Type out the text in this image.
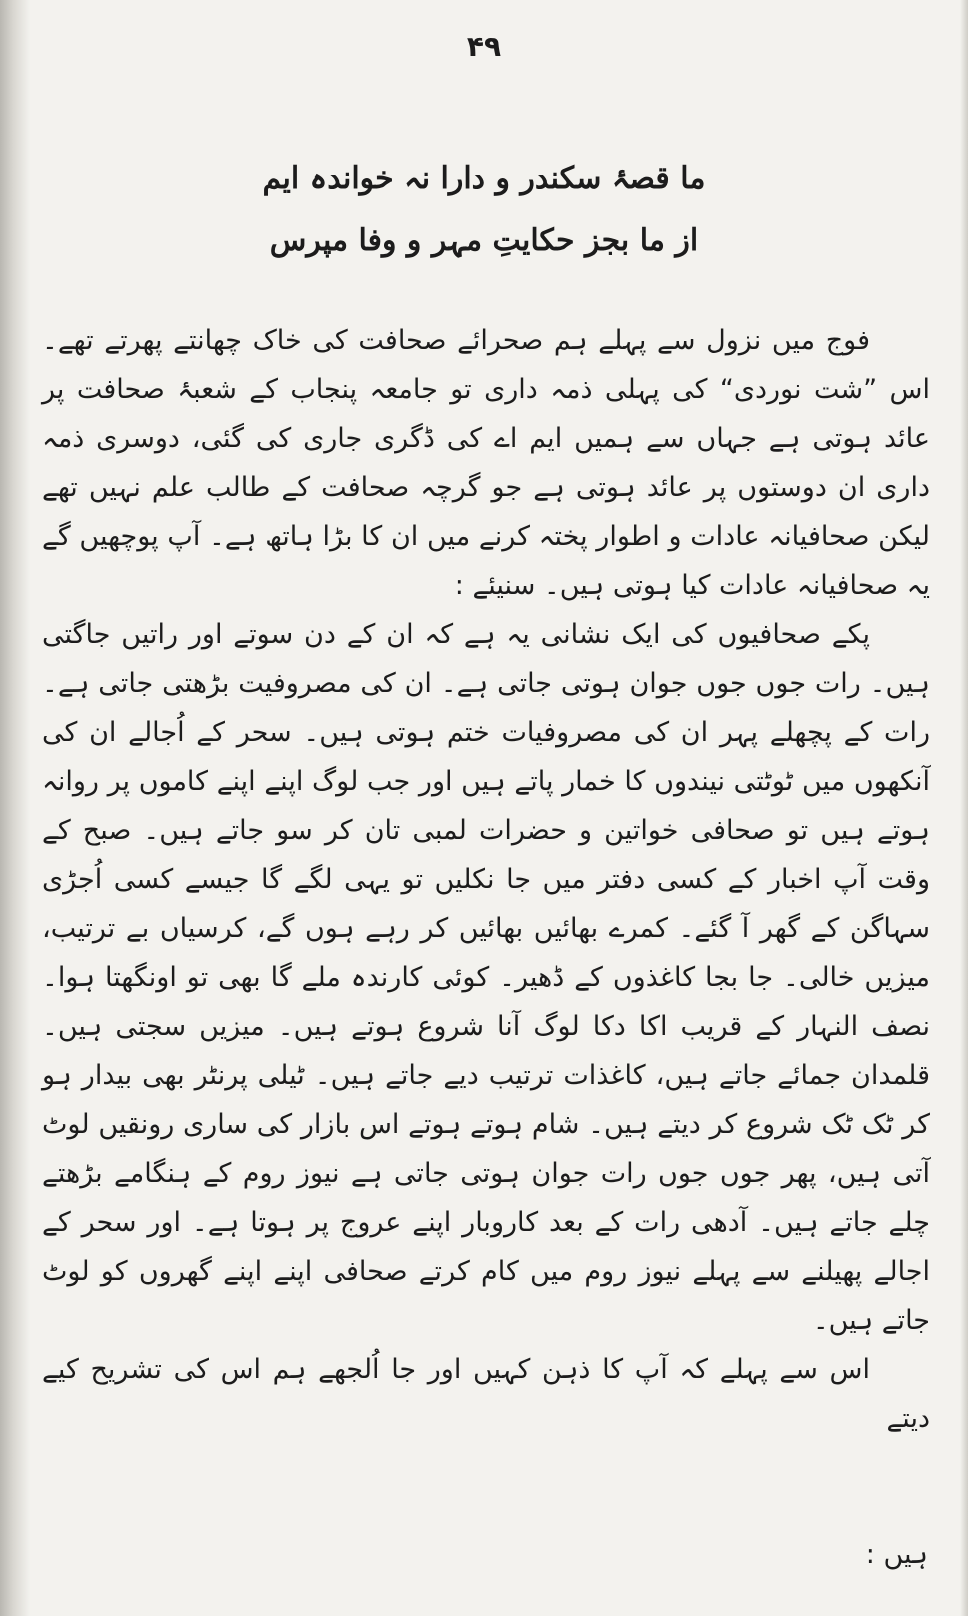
۴۹
ما قصۂ سکندر و دارا نہ خواندہ ایم
از ما بجز حکایتِ مہر و وفا مپرس

فوج میں نزول سے پہلے ہم صحرائے صحافت کی خاک چھانتے پھرتے تھے۔ اس ”شت نوردی“ کی پہلی ذمہ داری تو جامعہ پنجاب کے شعبۂ صحافت پر عائد ہوتی ہے جہاں سے ہمیں ایم اے کی ڈگری جاری کی گئی، دوسری ذمہ داری ان دوستوں پر عائد ہوتی ہے جو گرچہ صحافت کے طالب علم نہیں تھے لیکن صحافیانہ عادات و اطوار پختہ کرنے میں ان کا بڑا ہاتھ ہے۔ آپ پوچھیں گے یہ صحافیانہ عادات کیا ہوتی ہیں۔ سنیئے :

پکے صحافیوں کی ایک نشانی یہ ہے کہ ان کے دن سوتے اور راتیں جاگتی ہیں۔ رات جوں جوں جوان ہوتی جاتی ہے۔ ان کی مصروفیت بڑھتی جاتی ہے۔ رات کے پچھلے پہر ان کی مصروفیات ختم ہوتی ہیں۔ سحر کے اُجالے ان کی آنکھوں میں ٹوٹتی نیندوں کا خمار پاتے ہیں اور جب لوگ اپنے اپنے کاموں پر روانہ ہوتے ہیں تو صحافی خواتین و حضرات لمبی تان کر سو جاتے ہیں۔ صبح کے وقت آپ اخبار کے کسی دفتر میں جا نکلیں تو یہی لگے گا جیسے کسی اُجڑی سہاگن کے گھر آ گئے۔ کمرے بھائیں بھائیں کر رہے ہوں گے، کرسیاں بے ترتیب، میزیں خالی۔ جا بجا کاغذوں کے ڈھیر۔ کوئی کارندہ ملے گا بھی تو اونگھتا ہوا۔ نصف النہار کے قریب اکا دکا لوگ آنا شروع ہوتے ہیں۔ میزیں سجتی ہیں۔ قلمدان جمائے جاتے ہیں، کاغذات ترتیب دیے جاتے ہیں۔ ٹیلی پرنٹر بھی بیدار ہو کر ٹک ٹک شروع کر دیتے ہیں۔ شام ہوتے ہوتے اس بازار کی ساری رونقیں لوٹ آتی ہیں، پھر جوں جوں رات جوان ہوتی جاتی ہے نیوز روم کے ہنگامے بڑھتے چلے جاتے ہیں۔ آدھی رات کے بعد کاروبار اپنے عروج پر ہوتا ہے۔ اور سحر کے اجالے پھیلنے سے پہلے نیوز روم میں کام کرتے صحافی اپنے اپنے گھروں کو لوٹ جاتے ہیں۔

اس سے پہلے کہ آپ کا ذہن کہیں اور جا اُلجھے ہم اس کی تشریح کیے دیتے

ہیں :
